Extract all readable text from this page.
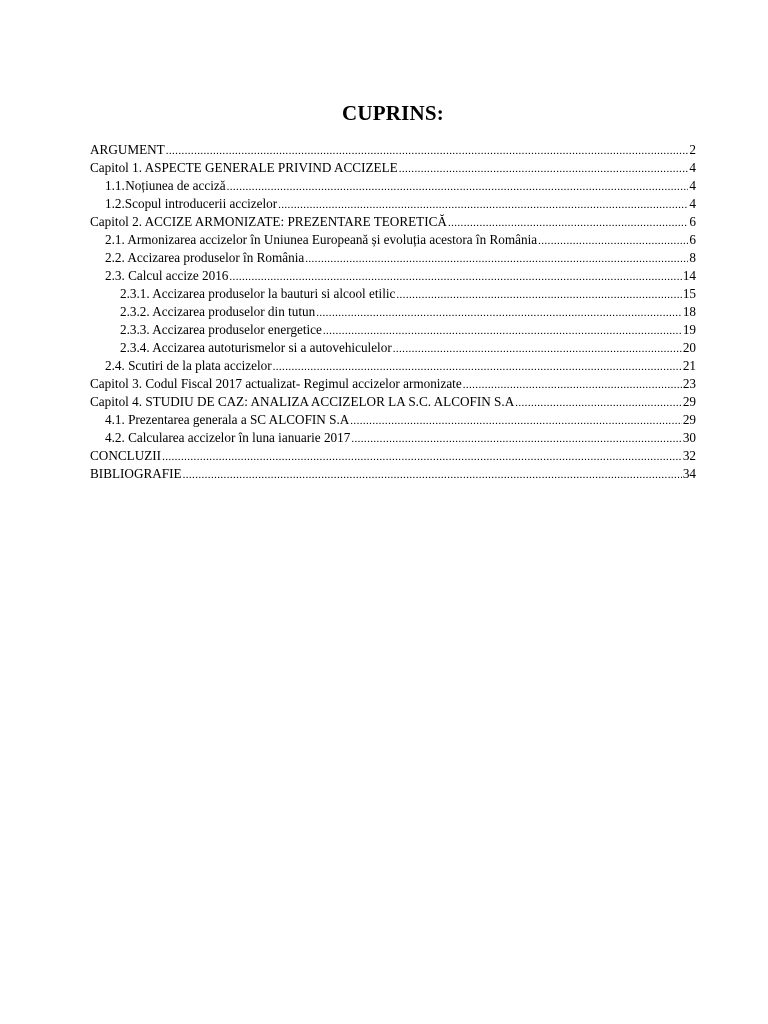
CUPRINS:
ARGUMENT .....	2
Capitol 1. ASPECTE GENERALE PRIVIND ACCIZELE .....	4
1.1. Noțiunea de acciză .....	4
1.2. Scopul introducerii accizelor .....	4
Capitol 2. ACCIZE ARMONIZATE: PREZENTARE TEORETICĂ .....	6
2.1. Armonizarea accizelor în Uniunea Europeană și evoluția acestora în România .....	6
2.2. Accizarea produselor în România .....	8
2.3. Calcul accize 2016 .....	14
2.3.1. Accizarea produselor la bauturi si alcool etilic .....	15
2.3.2. Accizarea produselor din tutun .....	18
2.3.3. Accizarea produselor energetice .....	19
2.3.4. Accizarea autoturismelor si a autovehiculelor .....	20
2.4. Scutiri de la plata accizelor .....	21
Capitol 3. Codul Fiscal 2017 actualizat- Regimul accizelor armonizate .....	23
Capitol 4. STUDIU DE CAZ: ANALIZA ACCIZELOR LA S.C. ALCOFIN S.A .....	29
4.1. Prezentarea generala a SC ALCOFIN S.A .....	29
4.2. Calcularea accizelor în luna ianuarie 2017 .....	30
CONCLUZII .....	32
BIBLIOGRAFIE .....	34
